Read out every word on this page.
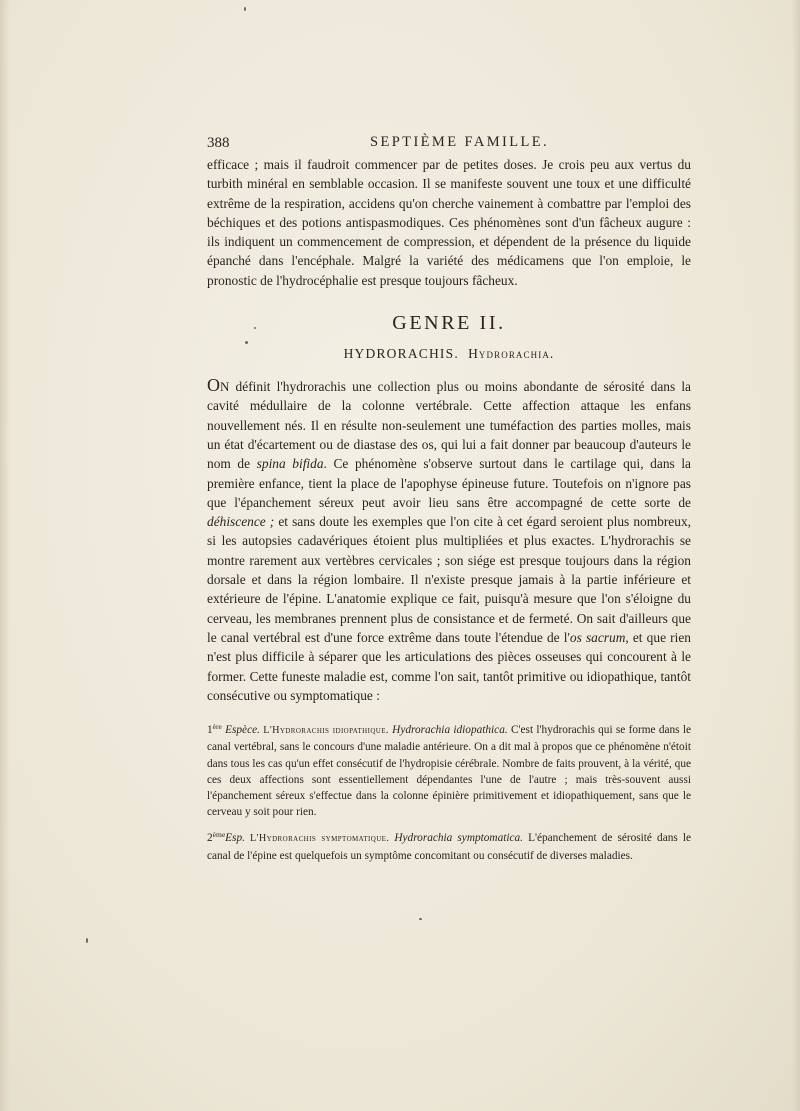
388	SEPTIÈME FAMILLE.

efficace ; mais il faudroit commencer par de petites doses. Je crois peu aux vertus du turbith minéral en semblable occasion. Il se manifeste souvent une toux et une difficulté extrême de la respiration, accidens qu'on cherche vainement à combattre par l'emploi des béchiques et des potions antispasmodiques. Ces phénomènes sont d'un fâcheux augure : ils indiquent un commencement de compression, et dépendent de la présence du liquide épanché dans l'encéphale. Malgré la variété des médicamens que l'on emploie, le pronostic de l'hydrocéphalie est presque toujours fâcheux.

GENRE II.
HYDRORACHIS. Hydrorachia.

On définit l'hydrorachis une collection plus ou moins abondante de sérosité dans la cavité médullaire de la colonne vertébrale. Cette affection attaque les enfans nouvellement nés. Il en résulte non-seulement une tuméfaction des parties molles, mais un état d'écartement ou de diastase des os, qui lui a fait donner par beaucoup d'auteurs le nom de spina bifida. Ce phénomène s'observe surtout dans le cartilage qui, dans la première enfance, tient la place de l'apophyse épineuse future. Toutefois on n'ignore pas que l'épanchement séreux peut avoir lieu sans être accompagné de cette sorte de déhiscence ; et sans doute les exemples que l'on cite à cet égard seroient plus nombreux, si les autopsies cadavériques étoient plus multipliées et plus exactes. L'hydrorachis se montre rarement aux vertèbres cervicales ; son siége est presque toujours dans la région dorsale et dans la région lombaire. Il n'existe presque jamais à la partie inférieure et extérieure de l'épine. L'anatomie explique ce fait, puisqu'à mesure que l'on s'éloigne du cerveau, les membranes prennent plus de consistance et de fermeté. On sait d'ailleurs que le canal vertébral est d'une force extrême dans toute l'étendue de l'os sacrum, et que rien n'est plus difficile à séparer que les articulations des pièces osseuses qui concourent à le former. Cette funeste maladie est, comme l'on sait, tantôt primitive ou idiopathique, tantôt consécutive ou symptomatique :

1ère Espèce. L'Hydrorachis idiopathique. Hydrorachia idiopathica. C'est l'hydrorachis qui se forme dans le canal vertébral, sans le concours d'une maladie antérieure. On a dit mal à propos que ce phénomène n'étoit dans tous les cas qu'un effet consécutif de l'hydropisie cérébrale. Nombre de faits prouvent, à la vérité, que ces deux affections sont essentiellement dépendantes l'une de l'autre ; mais très-souvent aussi l'épanchement séreux s'effectue dans la colonne épinière primitivement et idiopathiquement, sans que le cerveau y soit pour rien.

2èmeEsp. L'Hydrorachis symptomatique. Hydrorachia symptomatica. L'épanchement de sérosité dans le canal de l'épine est quelquefois un symptôme concomitant ou consécutif de diverses maladies.
